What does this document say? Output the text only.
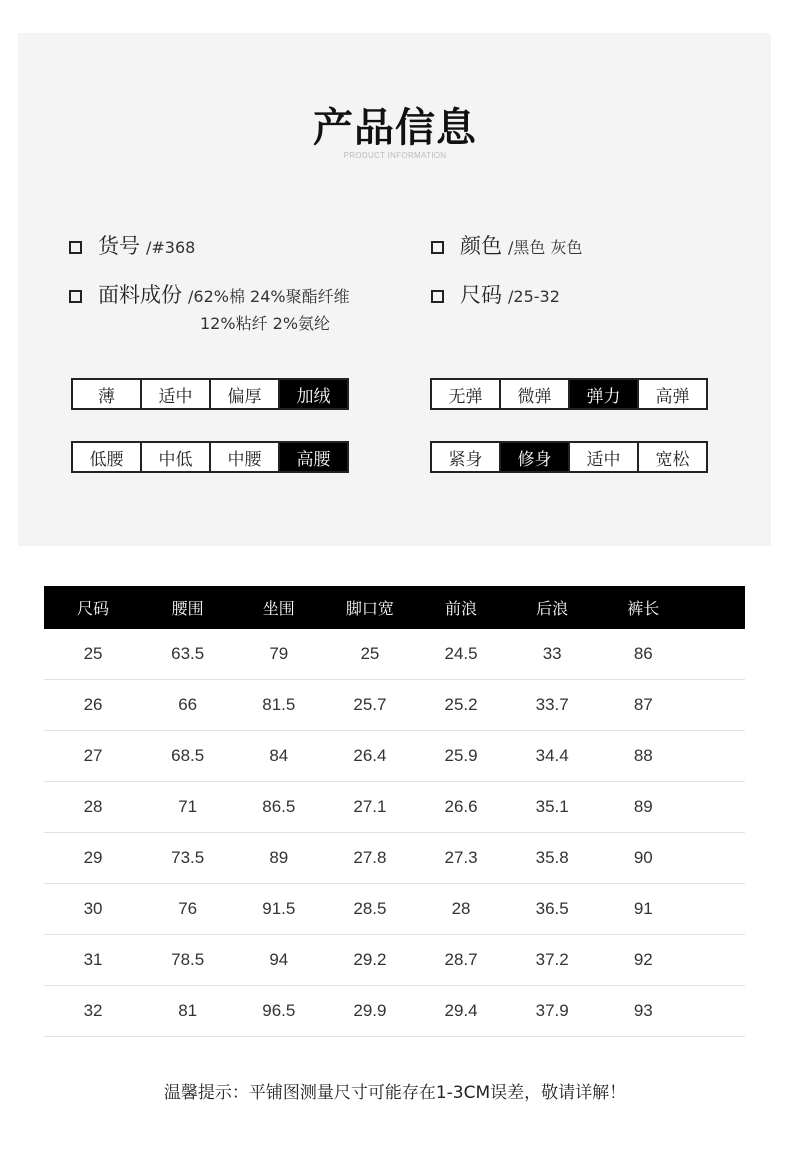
产品信息
PRODUCT INFORMATION
货号 /#368	颜色 /黑色 灰色
面料成份 /62%棉 24%聚酯纤维
12%粘纤 2%氨纶
尺码 /25-32
薄	适中	偏厚	加绒	无弹	微弹	弹力	高弹
低腰	中低	中腰	高腰	紧身	修身	适中	宽松
尺码	腰围	坐围	脚口宽	前浪	后浪	裤长	
25	63.5	79	25	24.5	33	86	
26	66	81.5	25.7	25.2	33.7	87	
27	68.5	84	26.4	25.9	34.4	88	
28	71	86.5	27.1	26.6	35.1	89	
29	73.5	89	27.8	27.3	35.8	90	
30	76	91.5	28.5	28	36.5	91	
31	78.5	94	29.2	28.7	37.2	92	
32	81	96.5	29.9	29.4	37.9	93	
温馨提示：平铺图测量尺寸可能存在1-3CM误差，敬请详解！
